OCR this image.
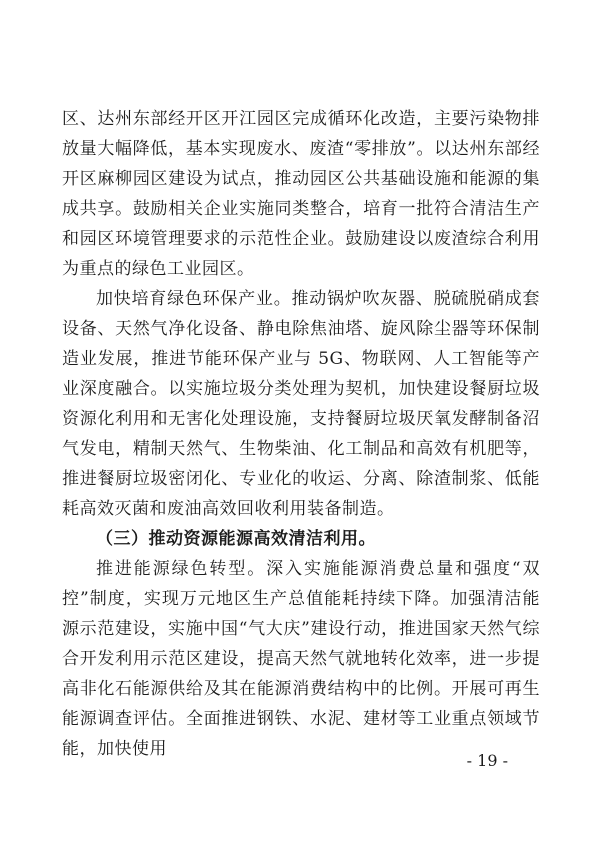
区、达州东部经开区开江园区完成循环化改造，主要污染物排放量大幅降低，基本实现废水、废渣“零排放”。以达州东部经开区麻柳园区建设为试点，推动园区公共基础设施和能源的集成共享。鼓励相关企业实施同类整合，培育一批符合清洁生产和园区环境管理要求的示范性企业。鼓励建设以废渣综合利用为重点的绿色工业园区。

加快培育绿色环保产业。推动锅炉吹灰器、脱硫脱硝成套设备、天然气净化设备、静电除焦油塔、旋风除尘器等环保制造业发展，推进节能环保产业与 5G、物联网、人工智能等产业深度融合。以实施垃圾分类处理为契机，加快建设餐厨垃圾资源化利用和无害化处理设施，支持餐厨垃圾厌氧发酵制备沼气发电，精制天然气、生物柴油、化工制品和高效有机肥等，推进餐厨垃圾密闭化、专业化的收运、分离、除渣制浆、低能耗高效灭菌和废油高效回收利用装备制造。

（三）推动资源能源高效清洁利用。

推进能源绿色转型。深入实施能源消费总量和强度“双控”制度，实现万元地区生产总值能耗持续下降。加强清洁能源示范建设，实施中国“气大庆”建设行动，推进国家天然气综合开发利用示范区建设，提高天然气就地转化效率，进一步提高非化石能源供给及其在能源消费结构中的比例。开展可再生能源调查评估。全面推进钢铁、水泥、建材等工业重点领域节能，加快使用

- 19 -
